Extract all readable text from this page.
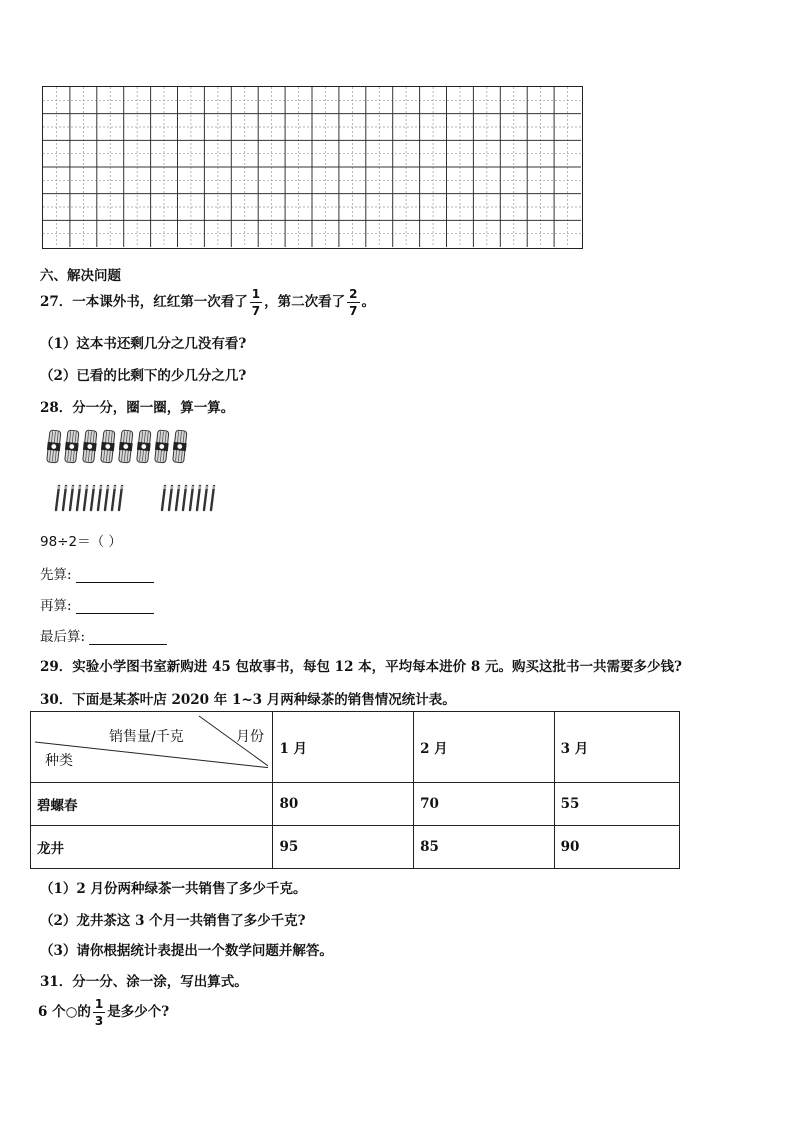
六、解决问题
27．一本课外书，红红第一次看了 $\frac{1}{7}$ ，第二次看了 $\frac{2}{7}$ 。
（1）这本书还剩几分之几没有看?
（2）已看的比剩下的少几分之几?
28．分一分，圈一圈，算一算。
98÷2＝（ ）
先算:
再算:
最后算:
29．实验小学图书室新购进 45 包故事书，每包 12 本，平均每本进价 8 元。购买这批书一共需要多少钱?
30．下面是某茶叶店 2020 年 1~3 月两种绿茶的销售情况统计表。
销售量/千克 月份
种类	1 月	2 月	3 月
碧螺春	80	70	55
龙井	95	85	90
（1）2 月份两种绿茶一共销售了多少千克。
（2）龙井茶这 3 个月一共销售了多少千克?
（3）请你根据统计表提出一个数学问题并解答。
31．分一分、涂一涂，写出算式。
6 个○的 $\frac{1}{3}$ 是多少个?
